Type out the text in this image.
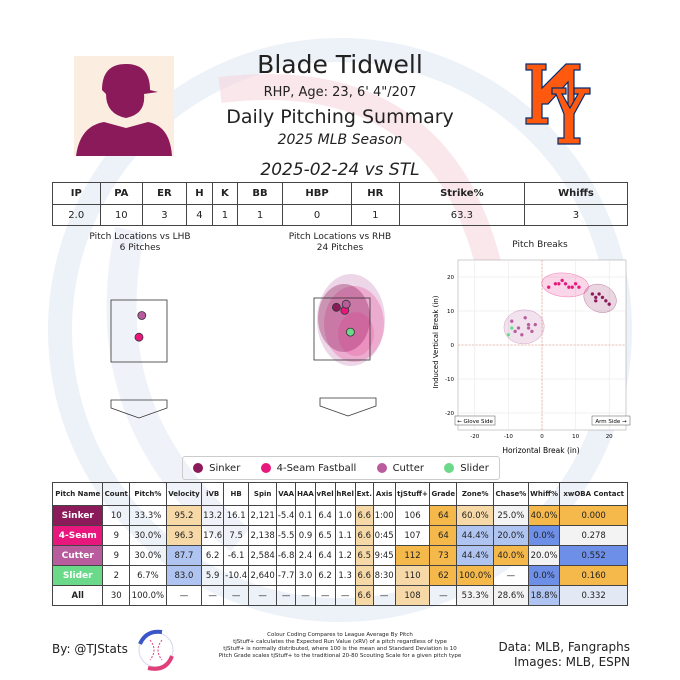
Blade Tidwell
RHP, Age: 23, 6' 4"/207
Daily Pitching Summary
2025 MLB Season
2025-02-24 vs STL
IP	PA	ER	H	K	BB	HBP	HR	Strike%	Whiffs
2.0	10	3	4	1	1	0	1	63.3	3
Pitch Locations vs LHB
6 Pitches
Pitch Locations vs RHB
24 Pitches	Pitch Breaks
-20	-10	0	10	20
20
10
0
-10
-20
Horizontal Break (in)
Induced Vertical Break (in)
← Glove Side	Arm Side →
Sinker	4-Seam Fastball	Cutter	Slider
Pitch Name	Count	Pitch%	Velocity	iVB	HB	Spin	VAA	HAA	vRel	hRel	Ext.	Axis	tjStuff+	Grade	Zone%	Chase%	Whiff%	xwOBA Contact
Sinker	10	33.3%	95.2	13.2	16.1	2,121	-5.4	0.1	6.4	1.0	6.6	1:00	106	64	60.0%	25.0%	40.0%	0.000
4-Seam	9	30.0%	96.3	17.6	7.5	2,138	-5.5	0.9	6.5	1.1	6.6	0:45	107	64	44.4%	20.0%	0.0%	0.278
Cutter	9	30.0%	87.7	6.2	-6.1	2,584	-6.8	2.4	6.4	1.2	6.5	9:45	112	73	44.4%	40.0%	20.0%	0.552
Slider	2	6.7%	83.0	5.9	-10.4	2,640	-7.7	3.0	6.2	1.3	6.6	8:30	110	62	100.0%	—	0.0%	0.160
All	30	100.0%	—	—	—	—	—	—	—	—	6.6	—	108	—	53.3%	28.6%	18.8%	0.332
By: @TJStats
Colour Coding Compares to League Average By Pitch
tjStuff+ calculates the Expected Run Value (xRV) of a pitch regardless of type
tjStuff+ is normally distributed, where 100 is the mean and Standard Deviation is 10
Pitch Grade scales tjStuff+ to the traditional 20-80 Scouting Scale for a given pitch type
Data: MLB, Fangraphs
Images: MLB, ESPN
